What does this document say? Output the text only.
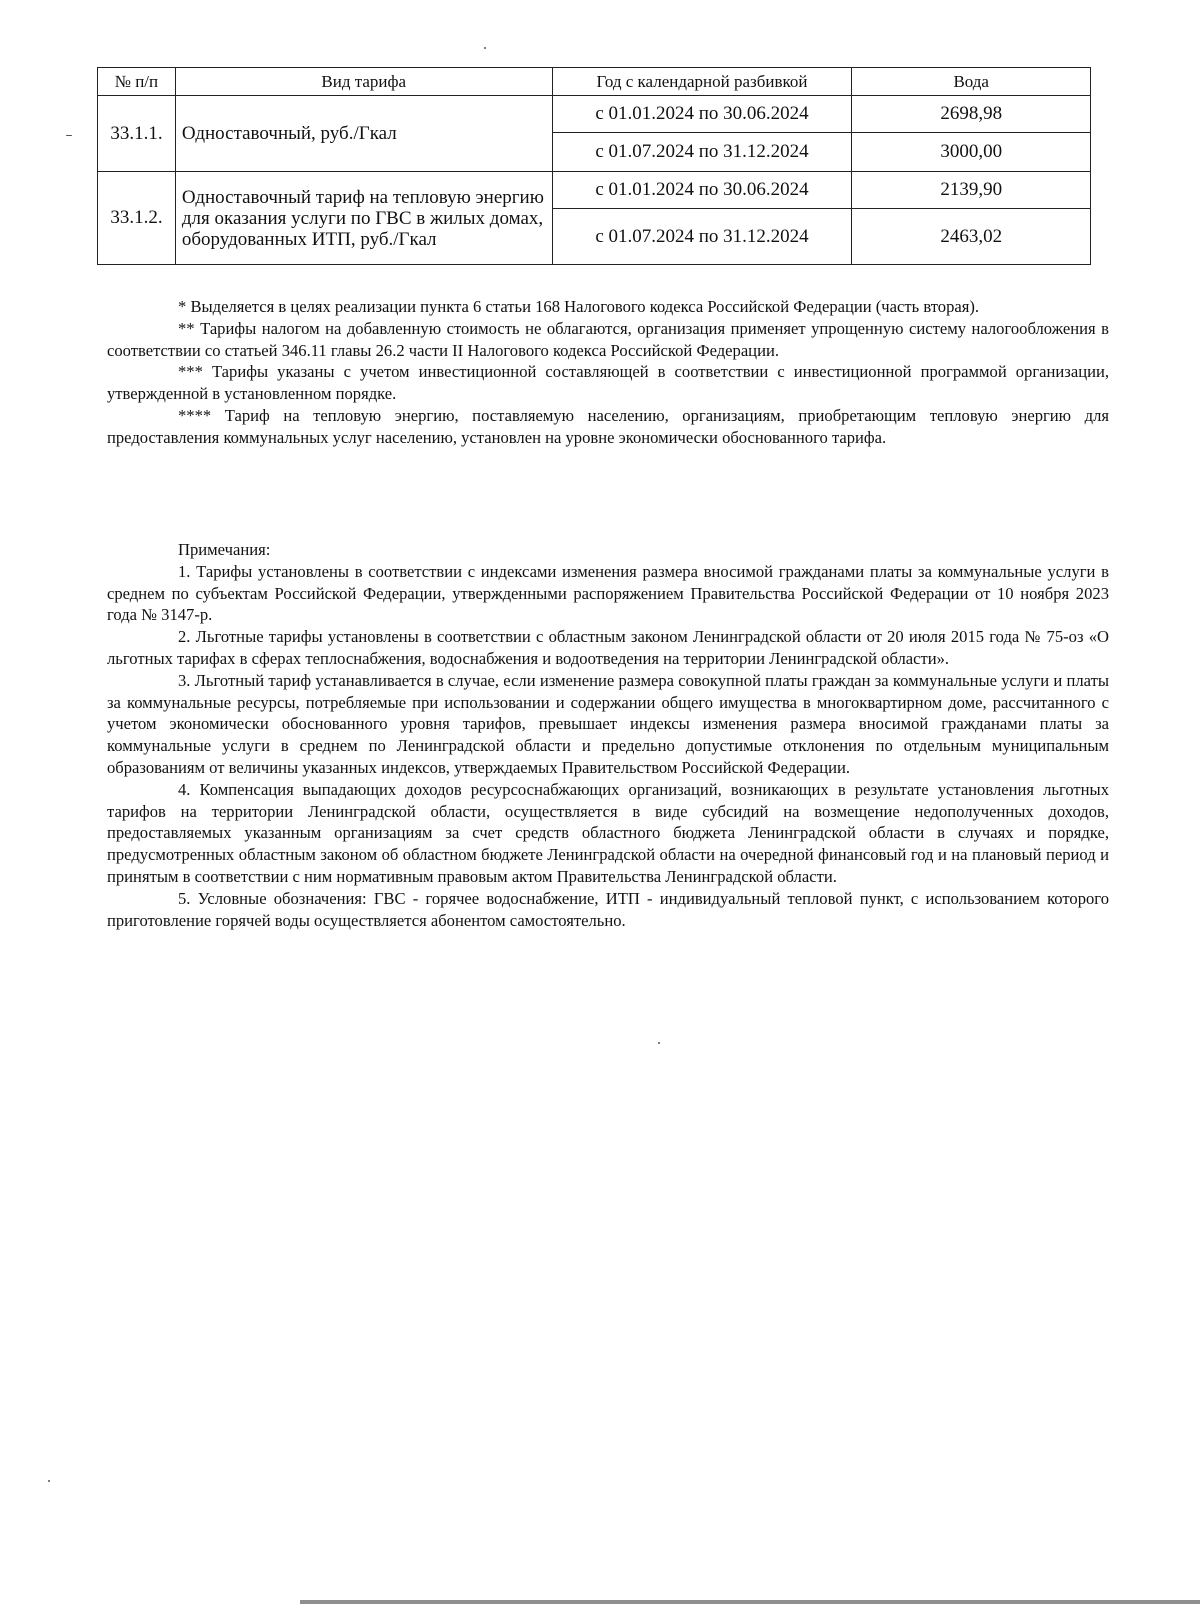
№ п/п	Вид тарифа	Год с календарной разбивкой	Вода
33.1.1.	Одноставочный, руб./Гкал	с 01.01.2024 по 30.06.2024	2698,98
		с 01.07.2024 по 31.12.2024	3000,00
33.1.2.	Одноставочный тариф на тепловую энергию для оказания услуги по ГВС в жилых домах, оборудованных ИТП, руб./Гкал	с 01.01.2024 по 30.06.2024	2139,90
		с 01.07.2024 по 31.12.2024	2463,02

* Выделяется в целях реализации пункта 6 статьи 168 Налогового кодекса Российской Федерации (часть вторая).

** Тарифы налогом на добавленную стоимость не облагаются, организация применяет упрощенную систему налогообложения в соответствии со статьей 346.11 главы 26.2 части II Налогового кодекса Российской Федерации.

*** Тарифы указаны с учетом инвестиционной составляющей в соответствии с инвестиционной программой организации, утвержденной в установленном порядке.

**** Тариф на тепловую энергию, поставляемую населению, организациям, приобретающим тепловую энергию для предоставления коммунальных услуг населению, установлен на уровне экономически обоснованного тарифа.

Примечания:

1. Тарифы установлены в соответствии с индексами изменения размера вносимой гражданами платы за коммунальные услуги в среднем по субъектам Российской Федерации, утвержденными распоряжением Правительства Российской Федерации от 10 ноября 2023 года № 3147-р.

2. Льготные тарифы установлены в соответствии с областным законом Ленинградской области от 20 июля 2015 года № 75-оз «О льготных тарифах в сферах теплоснабжения, водоснабжения и водоотведения на территории Ленинградской области».

3. Льготный тариф устанавливается в случае, если изменение размера совокупной платы граждан за коммунальные услуги и платы за коммунальные ресурсы, потребляемые при использовании и содержании общего имущества в многоквартирном доме, рассчитанного с учетом экономически обоснованного уровня тарифов, превышает индексы изменения размера вносимой гражданами платы за коммунальные услуги в среднем по Ленинградской области и предельно допустимые отклонения по отдельным муниципальным образованиям от величины указанных индексов, утверждаемых Правительством Российской Федерации.

4. Компенсация выпадающих доходов ресурсоснабжающих организаций, возникающих в результате установления льготных тарифов на территории Ленинградской области, осуществляется в виде субсидий на возмещение недополученных доходов, предоставляемых указанным организациям за счет средств областного бюджета Ленинградской области в случаях и порядке, предусмотренных областным законом об областном бюджете Ленинградской области на очередной финансовый год и на плановый период и принятым в соответствии с ним нормативным правовым актом Правительства Ленинградской области.

5. Условные обозначения: ГВС - горячее водоснабжение, ИТП - индивидуальный тепловой пункт, с использованием которого приготовление горячей воды осуществляется абонентом самостоятельно.
